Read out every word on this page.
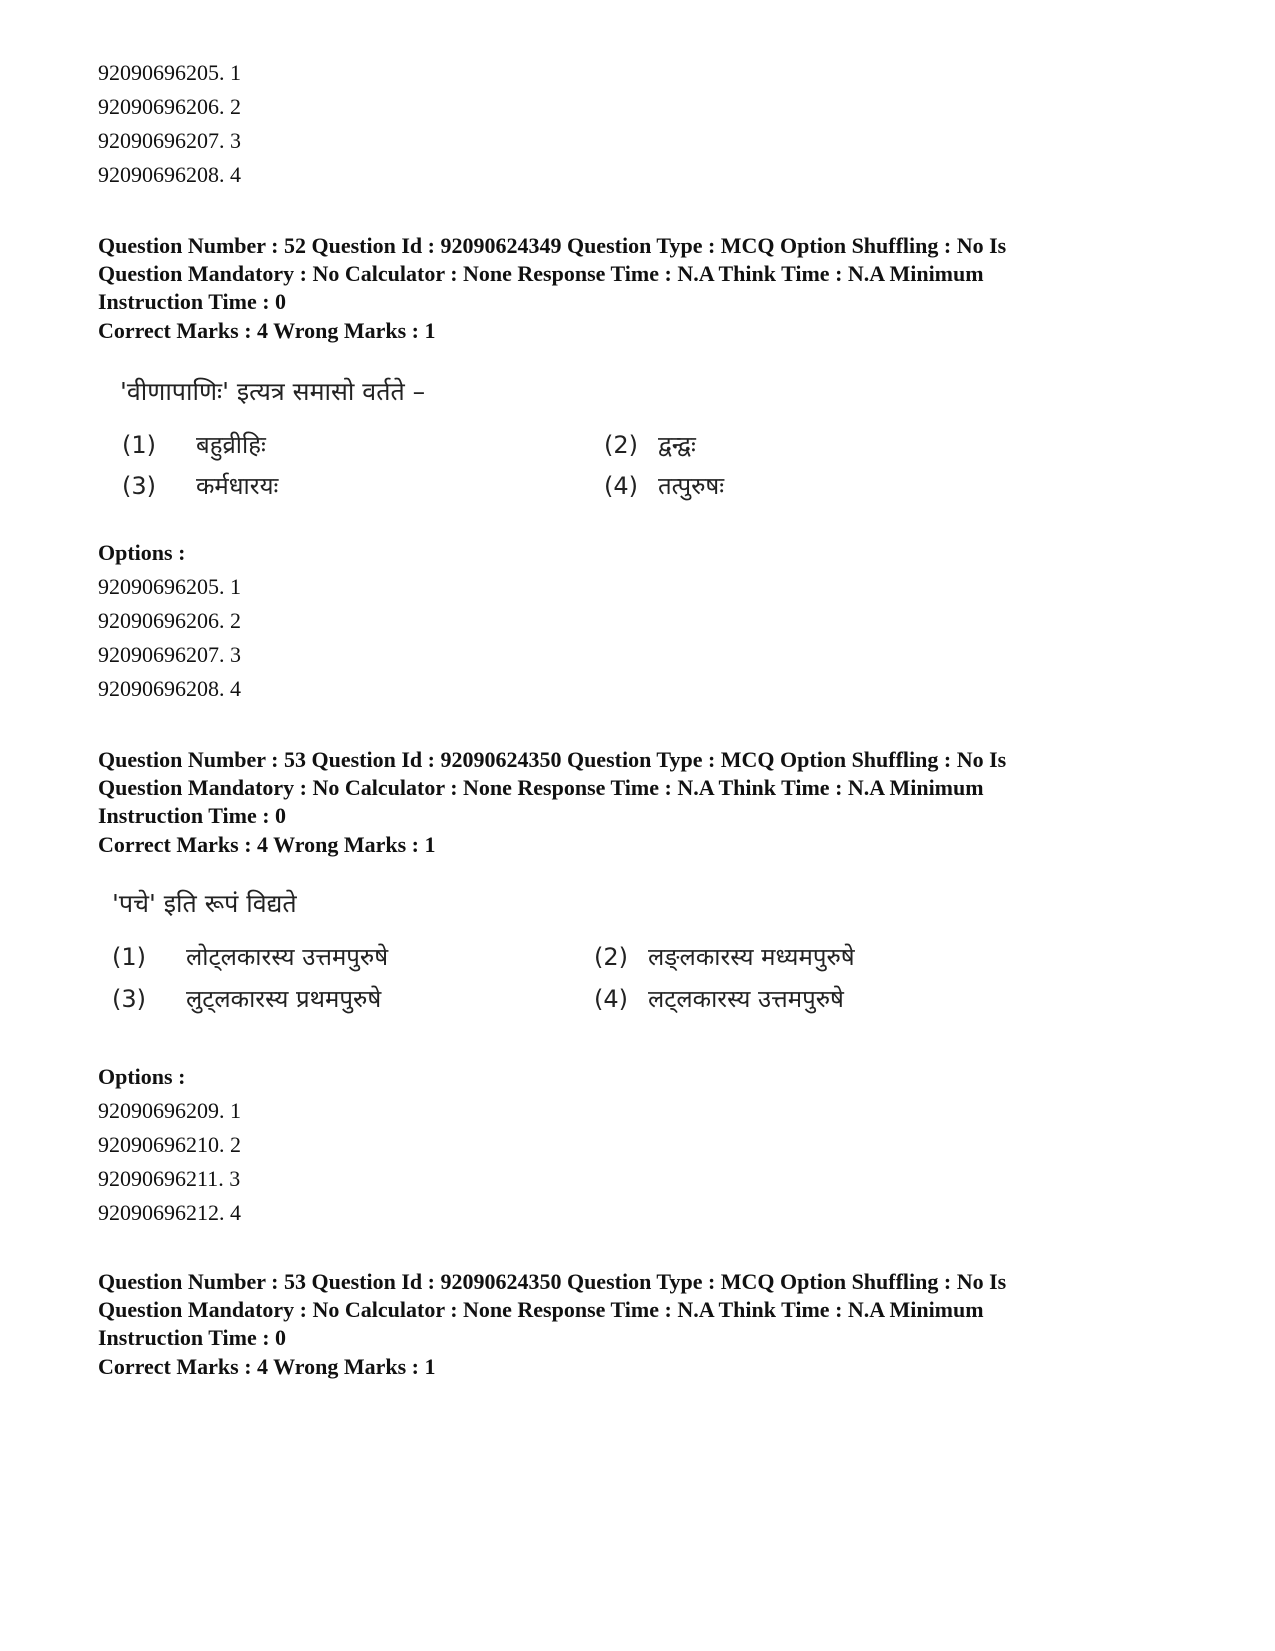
92090696205. 1
92090696206. 2
92090696207. 3
92090696208. 4
Question Number : 52 Question Id : 92090624349 Question Type : MCQ Option Shuffling : No Is
Question Mandatory : No Calculator : None Response Time : N.A Think Time : N.A Minimum
Instruction Time : 0
Correct Marks : 4 Wrong Marks : 1
'वीणापाणिः' इत्यत्र समासो वर्तते –
(1) बहुव्रीहिः	(2) द्वन्द्वः
(3) कर्मधारयः	(4) तत्पुरुषः
Options :
92090696205. 1
92090696206. 2
92090696207. 3
92090696208. 4
Question Number : 53 Question Id : 92090624350 Question Type : MCQ Option Shuffling : No Is
Question Mandatory : No Calculator : None Response Time : N.A Think Time : N.A Minimum
Instruction Time : 0
Correct Marks : 4 Wrong Marks : 1
'पचे' इति रूपं विद्यते
(1) लोट्लकारस्य उत्तमपुरुषे	(2) लङ्लकारस्य मध्यमपुरुषे
(3) लुट्लकारस्य प्रथमपुरुषे	(4) लट्लकारस्य उत्तमपुरुषे
Options :
92090696209. 1
92090696210. 2
92090696211. 3
92090696212. 4
Question Number : 53 Question Id : 92090624350 Question Type : MCQ Option Shuffling : No Is
Question Mandatory : No Calculator : None Response Time : N.A Think Time : N.A Minimum
Instruction Time : 0
Correct Marks : 4 Wrong Marks : 1
